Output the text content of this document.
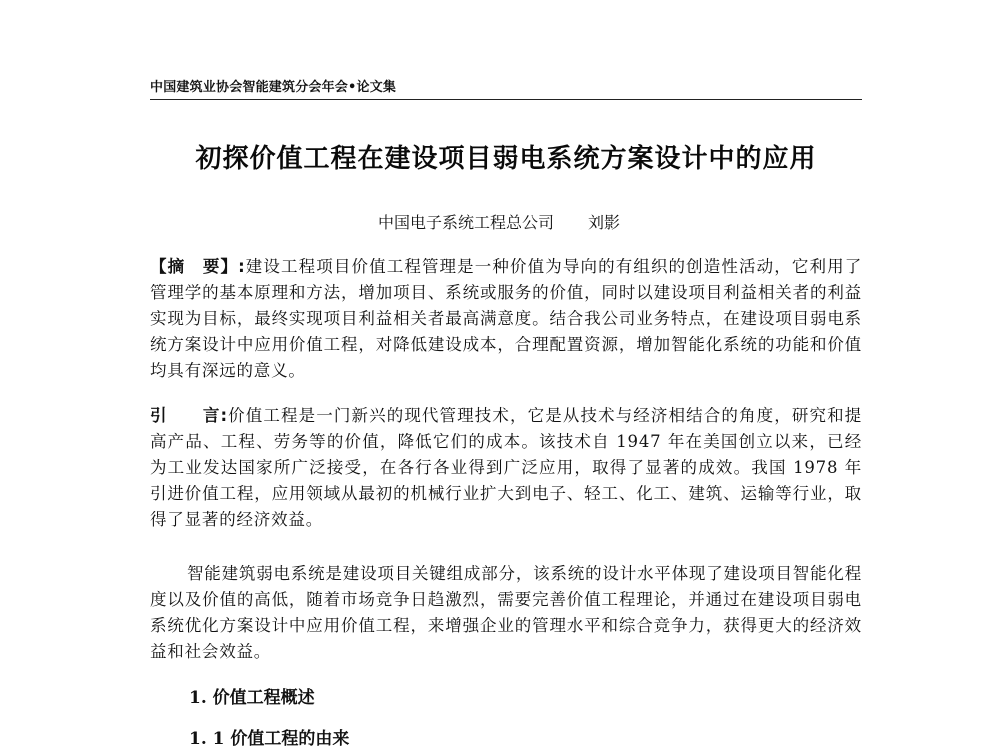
中国建筑业协会智能建筑分会年会•论文集
初探价值工程在建设项目弱电系统方案设计中的应用
中国电子系统工程总公司 刘影
【摘　要】:建设工程项目价值工程管理是一种价值为导向的有组织的创造性活动，它利用了管理学的基本原理和方法，增加项目、系统或服务的价值，同时以建设项目利益相关者的利益实现为目标，最终实现项目利益相关者最高满意度。结合我公司业务特点，在建设项目弱电系统方案设计中应用价值工程，对降低建设成本，合理配置资源，增加智能化系统的功能和价值均具有深远的意义。
引　　言:价值工程是一门新兴的现代管理技术，它是从技术与经济相结合的角度，研究和提高产品、工程、劳务等的价值，降低它们的成本。该技术自 1947 年在美国创立以来，已经为工业发达国家所广泛接受，在各行各业得到广泛应用，取得了显著的成效。我国 1978 年引进价值工程，应用领域从最初的机械行业扩大到电子、轻工、化工、建筑、运输等行业，取得了显著的经济效益。
智能建筑弱电系统是建设项目关键组成部分，该系统的设计水平体现了建设项目智能化程度以及价值的高低，随着市场竞争日趋激烈，需要完善价值工程理论，并通过在建设项目弱电系统优化方案设计中应用价值工程，来增强企业的管理水平和综合竞争力，获得更大的经济效益和社会效益。
1. 价值工程概述
1. 1 价值工程的由来
